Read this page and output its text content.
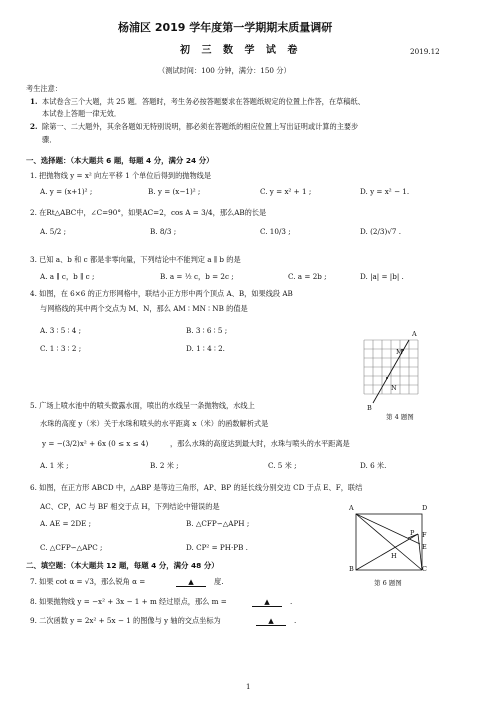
杨浦区 2019 学年度第一学期期末质量调研
初 三 数 学 试 卷	2019.12
（测试时间：100 分钟，满分：150 分）
考生注意：
1. 本试卷含三个大题，共 25 题．答题时，考生务必按答题要求在答题纸规定的位置上作答，在草稿纸、
本试卷上答题一律无效．
2. 除第一、二大题外，其余各题如无特别说明，都必须在答题纸的相应位置上写出证明或计算的主要步
骤．
一、选择题：（本大题共 6 题，每题 4 分，满分 24 分）
1. 把抛物线 y = x² 向左平移 1 个单位后得到的抛物线是
A. y = (x+1)² ;	B. y = (x−1)² ;	C. y = x² + 1 ;	D. y = x² − 1.
2. 在Rt△ABC中，∠C=90°，如果AC=2，cos A = 3/4，那么AB的长是
A. 5/2 ;	B. 8/3 ;	C. 10/3 ;	D. (2/3)√7 .
3. 已知 a、b 和 c 都是非零向量，下列结论中不能判定 a ∥ b 的是
A. a ∥ c，b ∥ c ;	B. a = ½ c，b = 2c ;	C. a = 2b ;	D. |a| = |b| .
4. 如图，在 6×6 的正方形网格中，联结小正方形中两个顶点 A、B，如果线段 AB
与网格线的其中两个交点为 M、N，那么 AM ∶ MN ∶ NB 的值是
A. 3 ∶ 5 ∶ 4 ;	B. 3 ∶ 6 ∶ 5 ;
C. 1 ∶ 3 ∶ 2 ;	D. 1 ∶ 4 ∶ 2.
A
M
N
B
第 4 题图
5. 广场上喷水池中的喷头微露水面，喷出的水线呈一条抛物线，水线上
水珠的高度 y（米）关于水珠和喷头的水平距离 x（米）的函数解析式是
y = −(3/2)x² + 6x (0 ≤ x ≤ 4)	，那么水珠的高度达到最大时，水珠与喷头的水平距离是
A. 1 米 ;	B. 2 米 ;	C. 5 米 ;	D. 6 米.
6. 如图，在正方形 ABCD 中，△ABP 是等边三角形，AP、BP 的延长线分别交边 CD 于点 E、F，联结
AC、CP，AC 与 BF 相交于点 H，下列结论中错误的是
A. AE = 2DE ;	B. △CFP∽△APH ;
C. △CFP∽△APC ;	D. CP² = PH·PB .
A	D
P F
E
H
B	C
第 6 题图
二、填空题：（本大题共 12 题，每题 4 分，满分 48 分）
7. 如果 cot α = √3，那么锐角 α =	▲	度.
8. 如果抛物线 y = −x² + 3x − 1 + m 经过原点，那么 m =	▲	.
9. 二次函数 y = 2x² + 5x − 1 的图像与 y 轴的交点坐标为	▲	.
1
